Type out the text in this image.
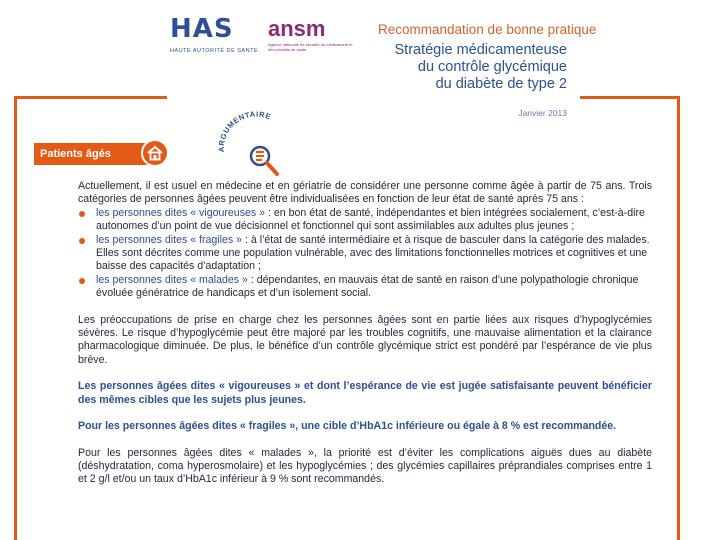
HAS
HAUTE AUTORITÉ DE SANTÉ
ansm
Agence nationale de sécurité du médicament et des produits de santé
Recommandation de bonne pratique
Stratégie médicamenteuse
du contrôle glycémique
du diabète de type 2
Janvier 2013
Patients âgés	ARGUMENTAIRE

Actuellement, il est usuel en médecine et en gériatrie de considérer une personne comme âgée à partir de 75 ans. Trois catégories de personnes âgées peuvent être individualisées en fonction de leur état de santé après 75 ans :

les personnes dites « vigoureuses » : en bon état de santé, indépendantes et bien intégrées socialement, c’est-à-dire autonomes d’un point de vue décisionnel et fonctionnel qui sont assimilables aux adultes plus jeunes ;
les personnes dites « fragiles » : à l’état de santé intermédiaire et à risque de basculer dans la catégorie des malades. Elles sont décrites comme une population vulnérable, avec des limitations fonctionnelles motrices et cognitives et une baisse des capacités d’adaptation ;
les personnes dites « malades » : dépendantes, en mauvais état de santé en raison d’une polypathologie chronique évoluée génératrice de handicaps et d’un isolement social.

Les préoccupations de prise en charge chez les personnes âgées sont en partie liées aux risques d’hypoglycémies sévères. Le risque d’hypoglycémie peut être majoré par les troubles cognitifs, une mauvaise alimentation et la clairance pharmacologique diminuée. De plus, le bénéfice d’un contrôle glycémique strict est pondéré par l’espérance de vie plus brève.

Les personnes âgées dites « vigoureuses » et dont l’espérance de vie est jugée satisfaisante peuvent bénéficier des mêmes cibles que les sujets plus jeunes.

Pour les personnes âgées dites « fragiles », une cible d’HbA1c inférieure ou égale à 8 % est recommandée.

Pour les personnes âgées dites « malades », la priorité est d’éviter les complications aiguës dues au diabète (déshydratation, coma hyperosmolaire) et les hypoglycémies ; des glycémies capillaires préprandiales comprises entre 1 et 2 g/l et/ou un taux d’HbA1c inférieur à 9 % sont recommandés.
